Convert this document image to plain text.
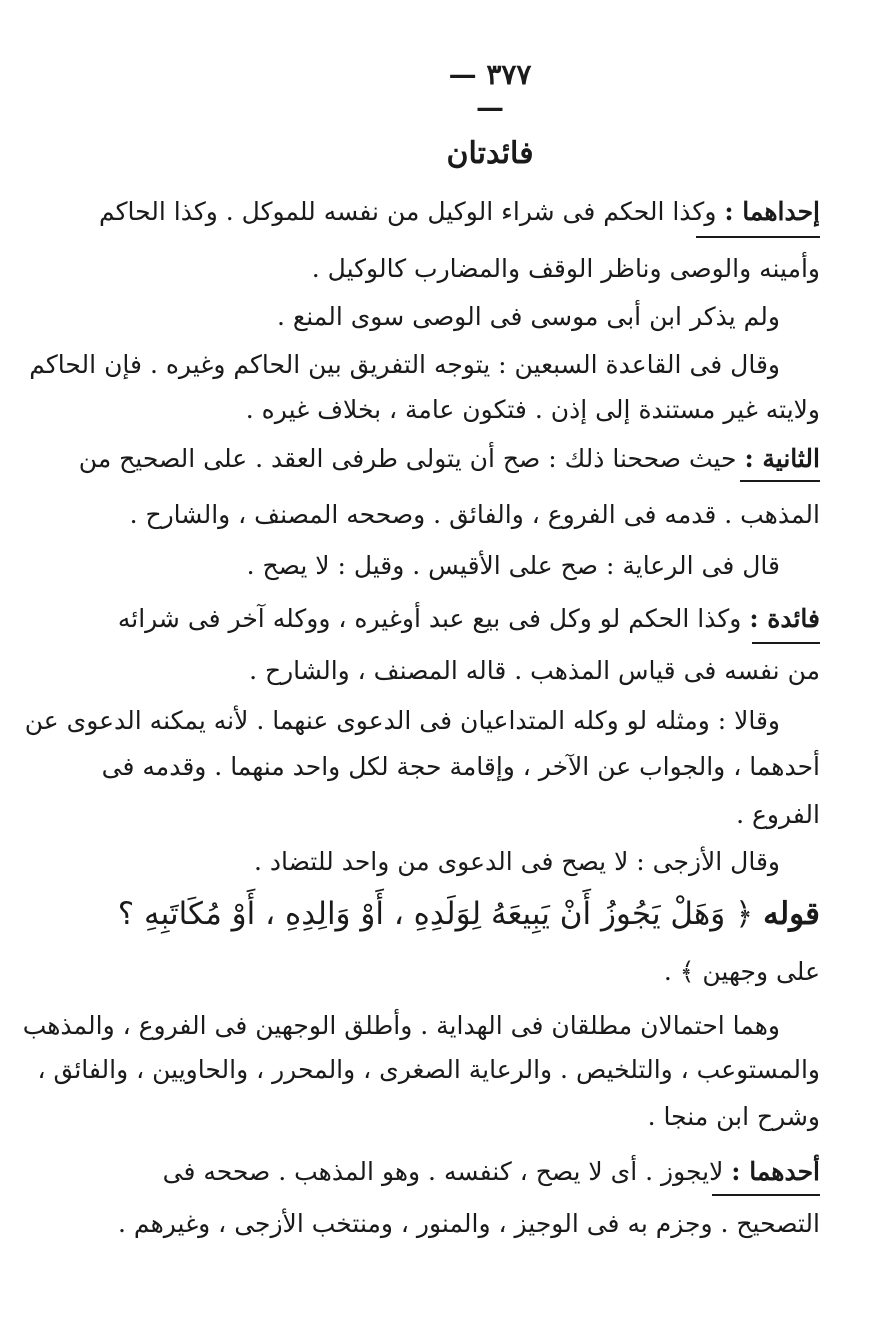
— ٣٧٧ —
فائدتان
إحداهما : وكذا الحكم فى شراء الوكيل من نفسه للموكل . وكذا الحاكم
وأمينه والوصى وناظر الوقف والمضارب كالوكيل .
ولم يذكر ابن أبى موسى فى الوصى سوى المنع .
وقال فى القاعدة السبعين : يتوجه التفريق بين الحاكم وغيره . فإن الحاكم
ولايته غير مستندة إلى إذن . فتكون عامة ، بخلاف غيره .
الثانية : حيث صححنا ذلك : صح أن يتولى طرفى العقد . على الصحيح من
المذهب . قدمه فى الفروع ، والفائق . وصححه المصنف ، والشارح .
قال فى الرعاية : صح على الأقيس . وقيل : لا يصح .
فائدة : وكذا الحكم لو وكل فى بيع عبد أوغيره ، ووكله آخر فى شرائه
من نفسه فى قياس المذهب . قاله المصنف ، والشارح .
وقالا : ومثله لو وكله المتداعيان فى الدعوى عنهما . لأنه يمكنه الدعوى عن
أحدهما ، والجواب عن الآخر ، وإقامة حجة لكل واحد منهما . وقدمه فى
الفروع .
وقال الأزجى : لا يصح فى الدعوى من واحد للتضاد .
قوله ﴿ وَهَلْ يَجُوزُ أَنْ يَبِيعَهُ لِوَلَدِهِ ، أَوْ وَالِدِهِ ، أَوْ مُكَاتَبِهِ ؟
على وجهين ﴾ .
وهما احتمالان مطلقان فى الهداية . وأطلق الوجهين فى الفروع ، والمذهب
والمستوعب ، والتلخيص . والرعاية الصغرى ، والمحرر ، والحاويين ، والفائق ،
وشرح ابن منجا .
أحدهما : لايجوز . أى لا يصح ، كنفسه . وهو المذهب . صححه فى
التصحيح . وجزم به فى الوجيز ، والمنور ، ومنتخب الأزجى ، وغيرهم .
